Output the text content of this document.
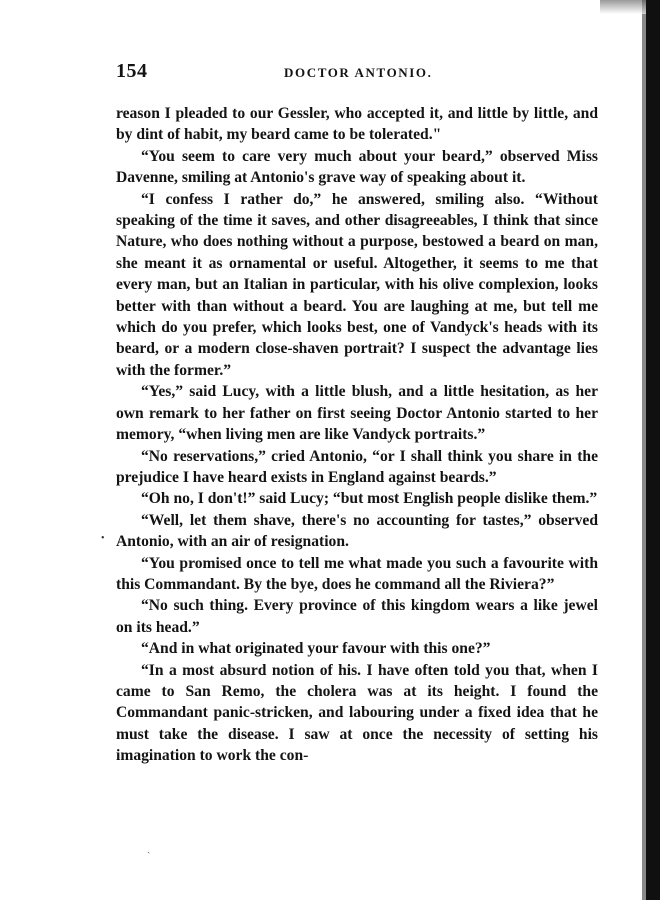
154	DOCTOR ANTONIO.
•
ˎ

reason I pleaded to our Gessler, who accepted it, and little by little, and by dint of habit, my beard came to be tolerated."

“You seem to care very much about your beard,” observed Miss Davenne, smiling at Antonio's grave way of speaking about it.

“I confess I rather do,” he answered, smiling also. “Without speaking of the time it saves, and other disagreeables, I think that since Nature, who does nothing without a purpose, bestowed a beard on man, she meant it as ornamental or useful. Altogether, it seems to me that every man, but an Italian in particular, with his olive complexion, looks better with than without a beard. You are laughing at me, but tell me which do you prefer, which looks best, one of Vandyck's heads with its beard, or a modern close-shaven portrait? I suspect the advantage lies with the former.”

“Yes,” said Lucy, with a little blush, and a little hesitation, as her own remark to her father on first seeing Doctor Antonio started to her memory, “when living men are like Vandyck portraits.”

“No reservations,” cried Antonio, “or I shall think you share in the prejudice I have heard exists in England against beards.”

“Oh no, I don't!” said Lucy; “but most English people dislike them.”

“Well, let them shave, there's no accounting for tastes,” observed Antonio, with an air of resignation.

“You promised once to tell me what made you such a favourite with this Commandant. By the bye, does he command all the Riviera?”

“No such thing. Every province of this kingdom wears a like jewel on its head.”

“And in what originated your favour with this one?”

“In a most absurd notion of his. I have often told you that, when I came to San Remo, the cholera was at its height. I found the Commandant panic-stricken, and labouring under a fixed idea that he must take the disease. I saw at once the necessity of setting his imagination to work the con-
